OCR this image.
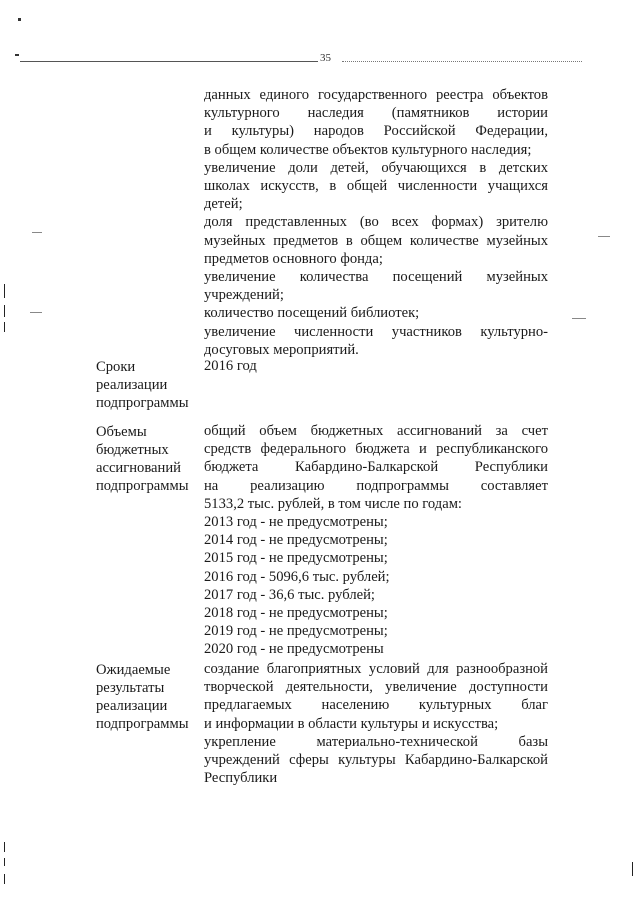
35
данных единого государственного реестра объектов
культурного наследия (памятников истории
и культуры) народов Российской Федерации,
в общем количестве объектов культурного наследия;
увеличение доли детей, обучающихся в детских
школах искусств, в общей численности учащихся
детей;
доля представленных (во всех формах) зрителю
музейных предметов в общем количестве музейных
предметов основного фонда;
увеличение количества посещений музейных
учреждений;
количество посещений библиотек;
увеличение численности участников культурно-
досуговых мероприятий.
Сроки
реализации
подпрограммы
2016 год
Объемы
бюджетных
ассигнований
подпрограммы
общий объем бюджетных ассигнований за счет
средств федерального бюджета и республиканского
бюджета Кабардино-Балкарской Республики
на реализацию подпрограммы составляет
5133,2 тыс. рублей, в том числе по годам:
2013 год - не предусмотрены;
2014 год - не предусмотрены;
2015 год - не предусмотрены;
2016 год - 5096,6 тыс. рублей;
2017 год - 36,6 тыс. рублей;
2018 год - не предусмотрены;
2019 год - не предусмотрены;
2020 год - не предусмотрены
Ожидаемые
результаты
реализации
подпрограммы
создание благоприятных условий для разнообразной
творческой деятельности, увеличение доступности
предлагаемых населению культурных благ
и информации в области культуры и искусства;
укрепление материально-технической базы
учреждений сферы культуры Кабардино-Балкарской
Республики
